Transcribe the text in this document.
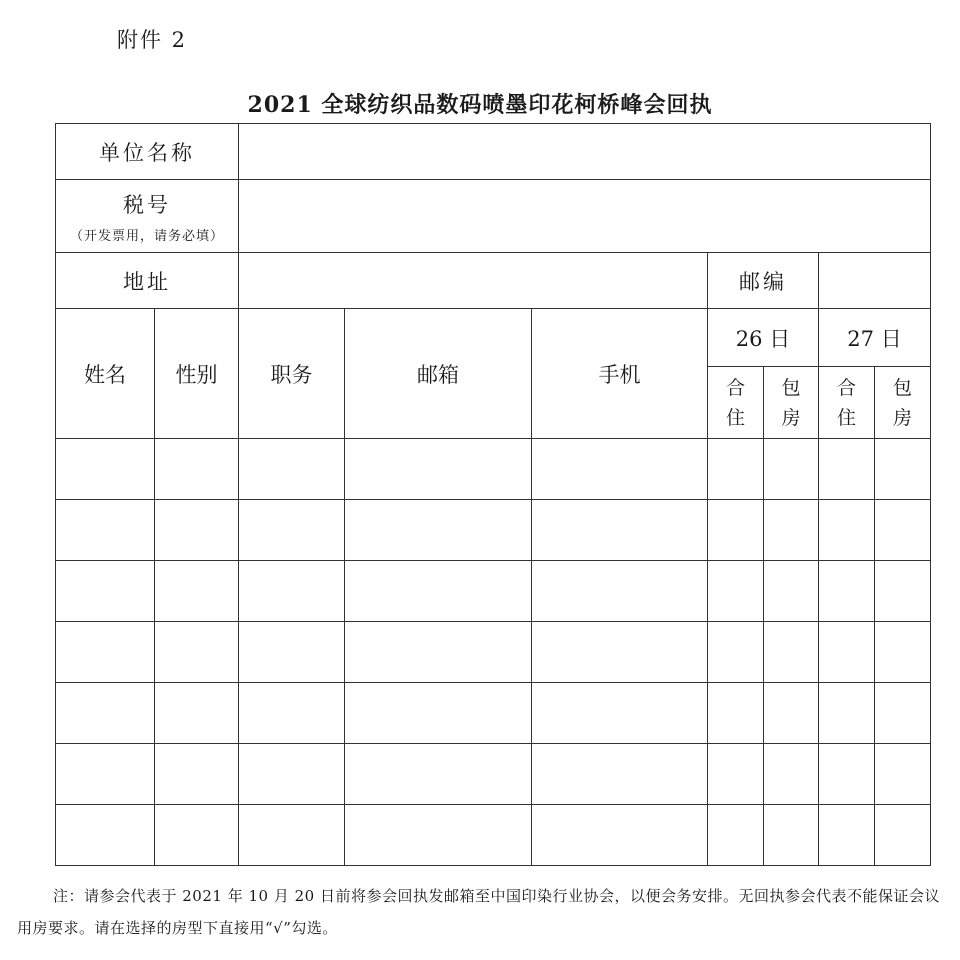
附件 2
2021 全球纺织品数码喷墨印花柯桥峰会回执
单位名称								

税号
（开发票用，请务必填）								

地址					邮编			

姓名	性别	职务	邮箱	手机	26 日		27 日	
					合住	包房	合住	包房

注：请参会代表于 2021 年 10 月 20 日前将参会回执发邮箱至中国印染行业协会，以便会务安排。无回执参会代表不能保证会议用房要求。请在选择的房型下直接用“√”勾选。
